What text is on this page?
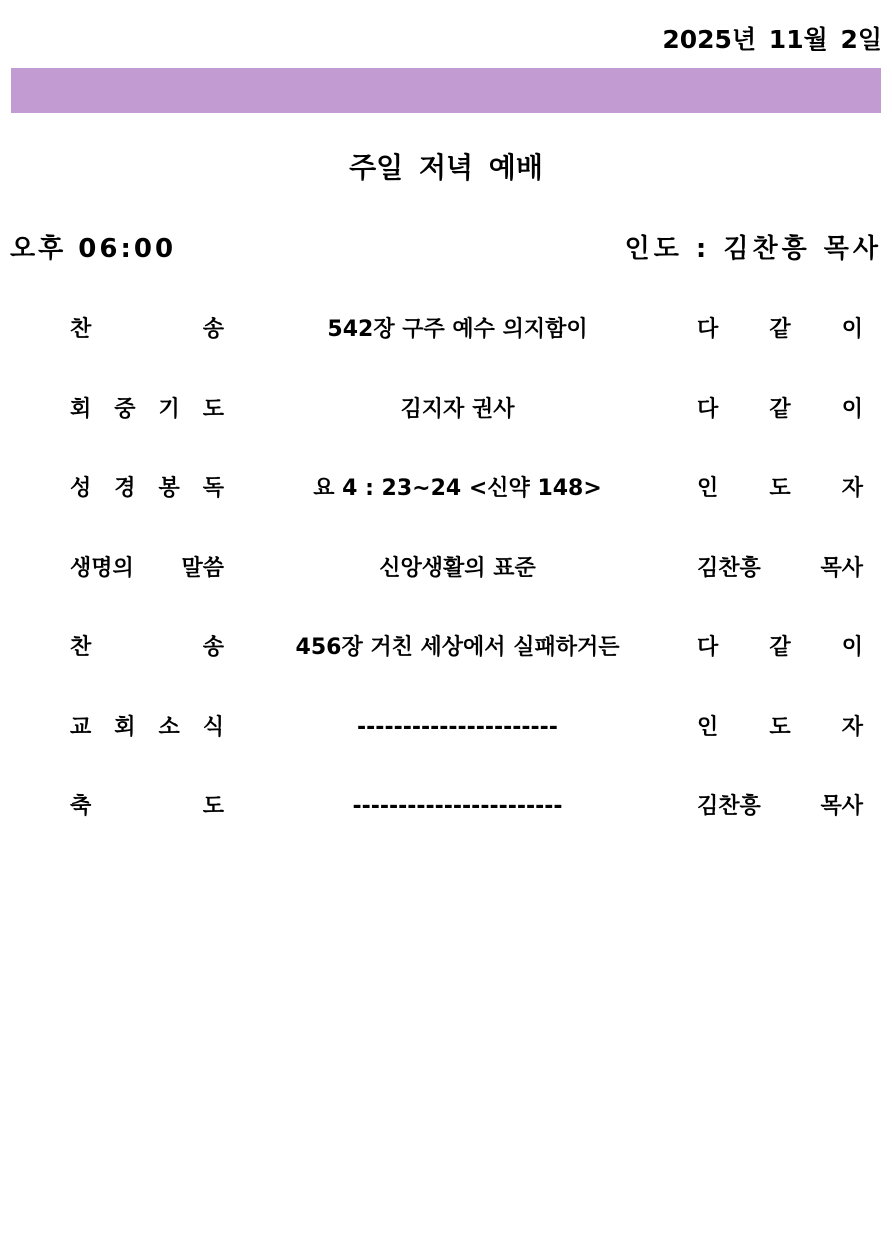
2025년 11월 2일
주일 저녁 예배
오후 06:00	인도 : 김찬흥 목사
찬 송	542장 구주 예수 의지함이	다 같 이
회 중 기 도	김지자 권사	다 같 이
성 경 봉 독	요 4 : 23~24 <신약 148>	인 도 자
생명의 말씀	신앙생활의 표준	김찬흥 목사
찬 송	456장 거친 세상에서 실패하거든	다 같 이
교 회 소 식	----------------------	인 도 자
축 도	-----------------------	김찬흥 목사
